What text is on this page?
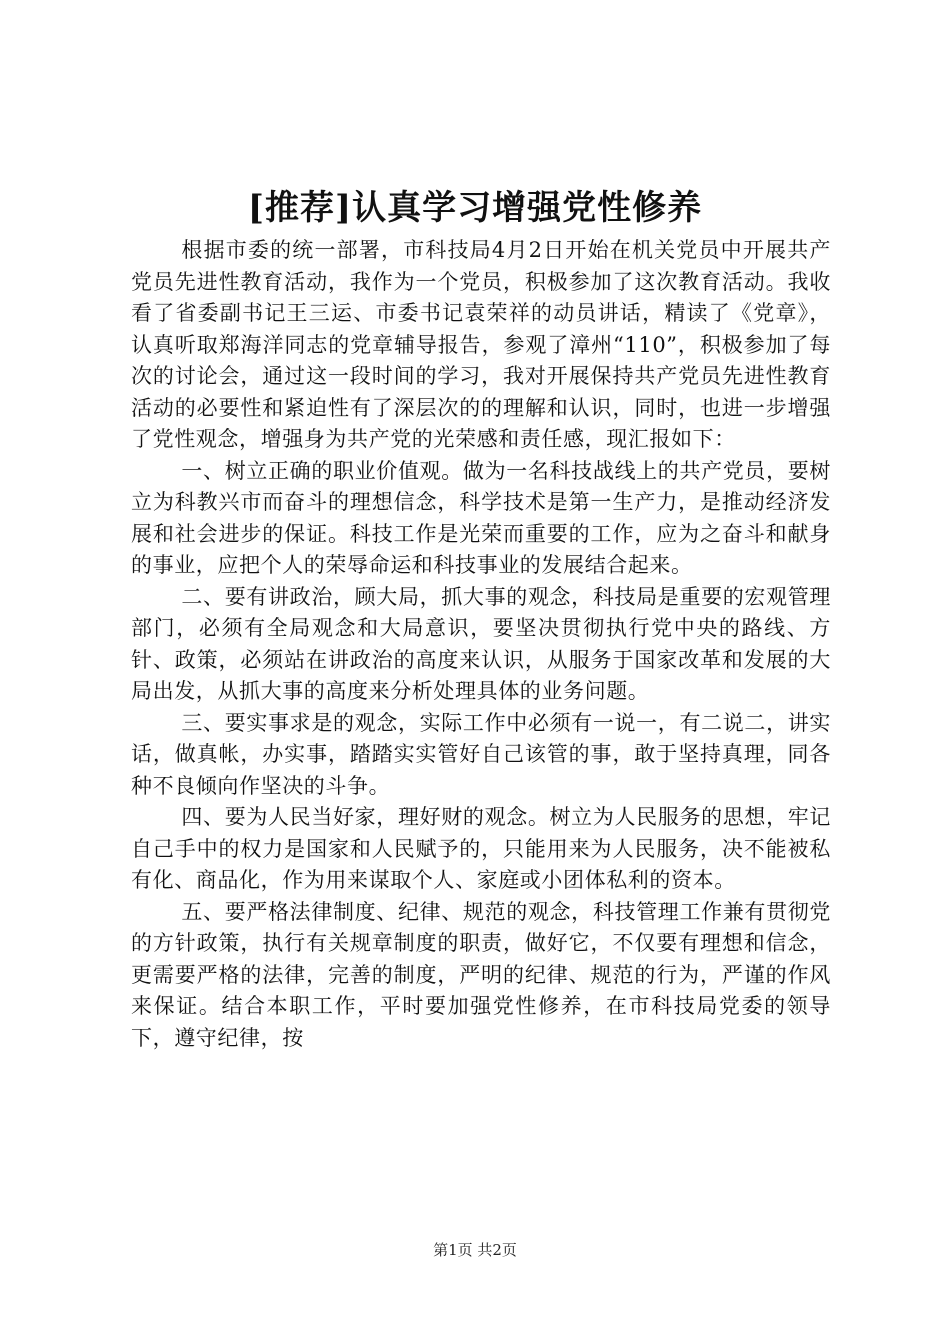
[推荐]认真学习增强党性修养

根据市委的统一部署，市科技局4月2日开始在机关党员中开展共产党员先进性教育活动，我作为一个党员，积极参加了这次教育活动。我收看了省委副书记王三运、市委书记袁荣祥的动员讲话，精读了《党章》，认真听取郑海洋同志的党章辅导报告，参观了漳州“110”，积极参加了每次的讨论会，通过这一段时间的学习，我对开展保持共产党员先进性教育活动的必要性和紧迫性有了深层次的的理解和认识，同时，也进一步增强了党性观念，增强身为共产党的光荣感和责任感，现汇报如下：

一、树立正确的职业价值观。做为一名科技战线上的共产党员，要树立为科教兴市而奋斗的理想信念，科学技术是第一生产力，是推动经济发展和社会进步的保证。科技工作是光荣而重要的工作，应为之奋斗和献身的事业，应把个人的荣辱命运和科技事业的发展结合起来。

二、要有讲政治，顾大局，抓大事的观念，科技局是重要的宏观管理部门，必须有全局观念和大局意识，要坚决贯彻执行党中央的路线、方针、政策，必须站在讲政治的高度来认识，从服务于国家改革和发展的大局出发，从抓大事的高度来分析处理具体的业务问题。

三、要实事求是的观念，实际工作中必须有一说一，有二说二，讲实话，做真帐，办实事，踏踏实实管好自己该管的事，敢于坚持真理，同各种不良倾向作坚决的斗争。

四、要为人民当好家，理好财的观念。树立为人民服务的思想，牢记自己手中的权力是国家和人民赋予的，只能用来为人民服务，决不能被私有化、商品化，作为用来谋取个人、家庭或小团体私利的资本。

五、要严格法律制度、纪律、规范的观念，科技管理工作兼有贯彻党的方针政策，执行有关规章制度的职责，做好它，不仅要有理想和信念，更需要严格的法律，完善的制度，严明的纪律、规范的行为，严谨的作风来保证。结合本职工作，平时要加强党性修养，在市科技局党委的领导下，遵守纪律，按

第1页 共2页
